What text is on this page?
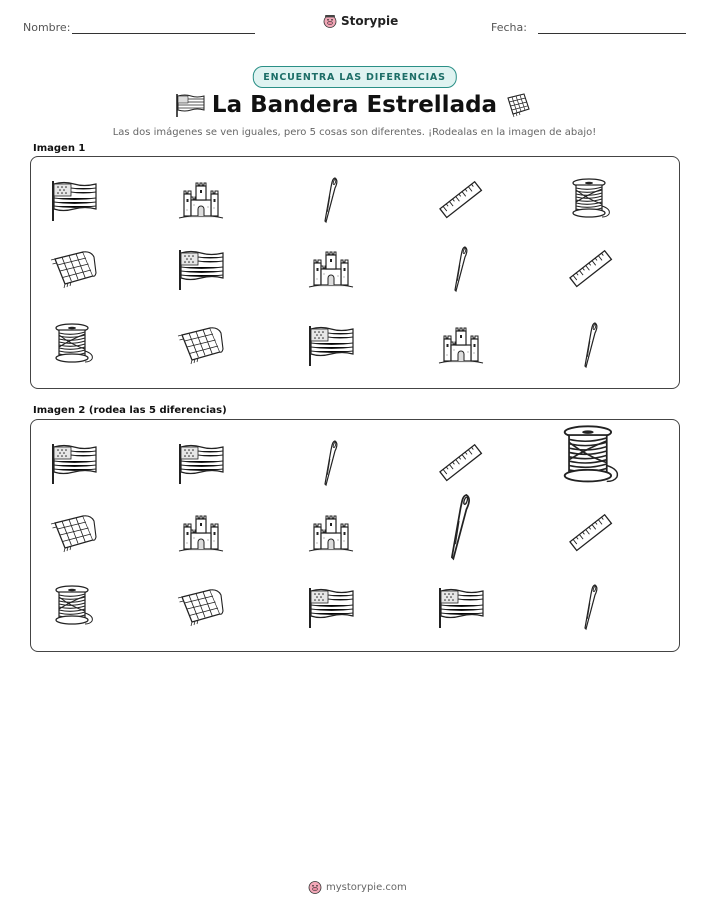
Nombre:	Storypie	Fecha:
ENCUENTRA LAS DIFERENCIAS
La Bandera Estrellada
Las dos imágenes se ven iguales, pero 5 cosas son diferentes. ¡Rodealas en la imagen de abajo!
Imagen 1
Imagen 2 (rodea las 5 diferencias)
mystorypie.com
